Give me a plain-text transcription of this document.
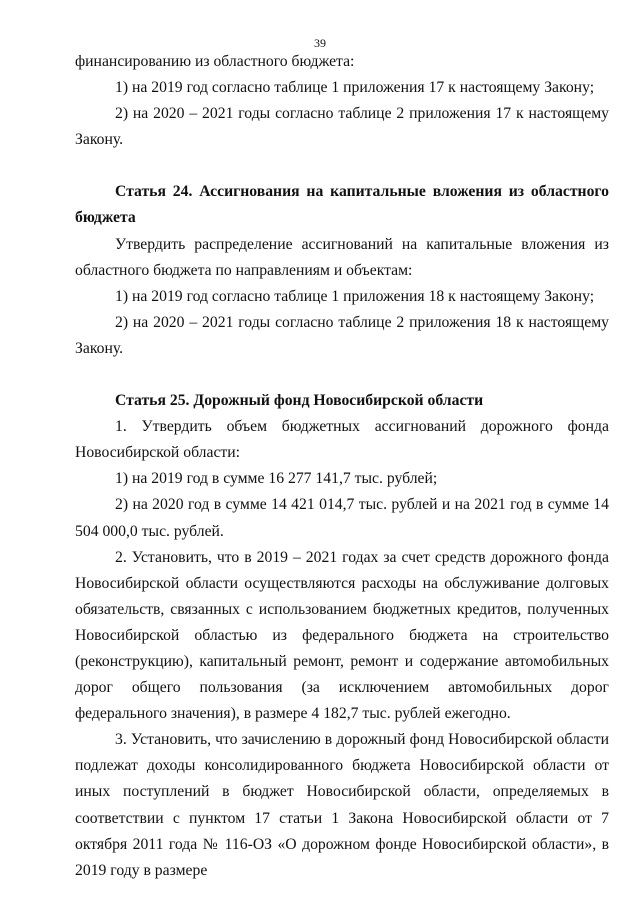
39

финансированию из областного бюджета:

1) на 2019 год согласно таблице 1 приложения 17 к настоящему Закону;

2) на 2020 – 2021 годы согласно таблице 2 приложения 17 к настоящему Закону.

Статья 24. Ассигнования на капитальные вложения из областного бюджета

Утвердить распределение ассигнований на капитальные вложения из областного бюджета по направлениям и объектам:

1) на 2019 год согласно таблице 1 приложения 18 к настоящему Закону;

2) на 2020 – 2021 годы согласно таблице 2 приложения 18 к настоящему Закону.

Статья 25. Дорожный фонд Новосибирской области

1. Утвердить объем бюджетных ассигнований дорожного фонда Новосибирской области:

1) на 2019 год в сумме 16 277 141,7 тыс. рублей;

2) на 2020 год в сумме 14 421 014,7 тыс. рублей и на 2021 год в сумме 14 504 000,0 тыс. рублей.

2. Установить, что в 2019 – 2021 годах за счет средств дорожного фонда Новосибирской области осуществляются расходы на обслуживание долговых обязательств, связанных с использованием бюджетных кредитов, полученных Новосибирской областью из федерального бюджета на строительство (реконструкцию), капитальный ремонт, ремонт и содержание автомобильных дорог общего пользования (за исключением автомобильных дорог федерального значения), в размере 4 182,7 тыс. рублей ежегодно.

3. Установить, что зачислению в дорожный фонд Новосибирской области подлежат доходы консолидированного бюджета Новосибирской области от иных поступлений в бюджет Новосибирской области, определяемых в соответствии с пунктом 17 статьи 1 Закона Новосибирской области от 7 октября 2011 года № 116-ОЗ «О дорожном фонде Новосибирской области», в 2019 году в размере
